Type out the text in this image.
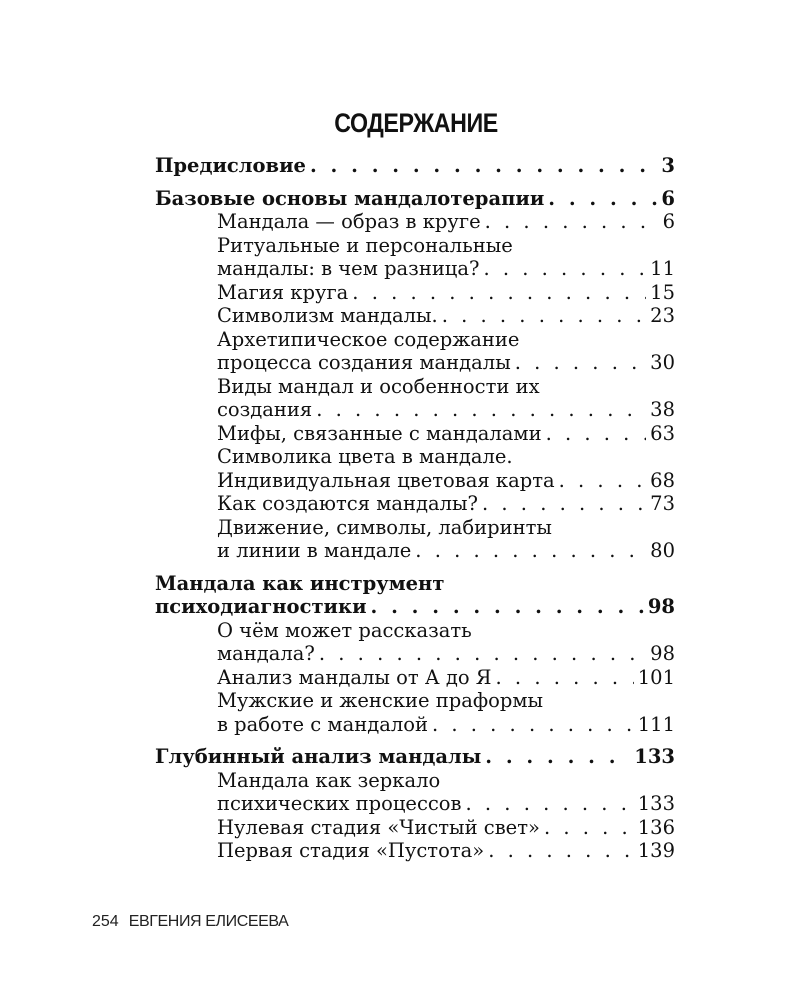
СОДЕРЖАНИЕ
Предисловие . . .	3
Базовые основы мандалотерапии . . .	6
Мандала — образ в круге . . .	6
Ритуальные и персональные
мандалы: в чем разница? . . .	11
Магия круга . . .	15
Символизм мандалы. . . .	23
Архетипическое содержание
процесса создания мандалы . . .	30
Виды мандал и особенности их
создания . . .	38
Мифы, связанные с мандалами . . .	63
Символика цвета в мандале.
Индивидуальная цветовая карта . . .	68
Как создаются мандалы? . . .	73
Движение, символы, лабиринты
и линии в мандале . . .	80
Мандала как инструмент
психодиагностики . . .	98
О чём может рассказать
мандала? . . .	98
Анализ мандалы от А до Я . . .	101
Мужские и женские праформы
в работе с мандалой . . .	111
Глубинный анализ мандалы . . .	133
Мандала как зеркало
психических процессов . . .	133
Нулевая стадия «Чистый свет» . . .	136
Первая стадия «Пустота» . . .	139
254 ЕВГЕНИЯ ЕЛИСЕЕВА
